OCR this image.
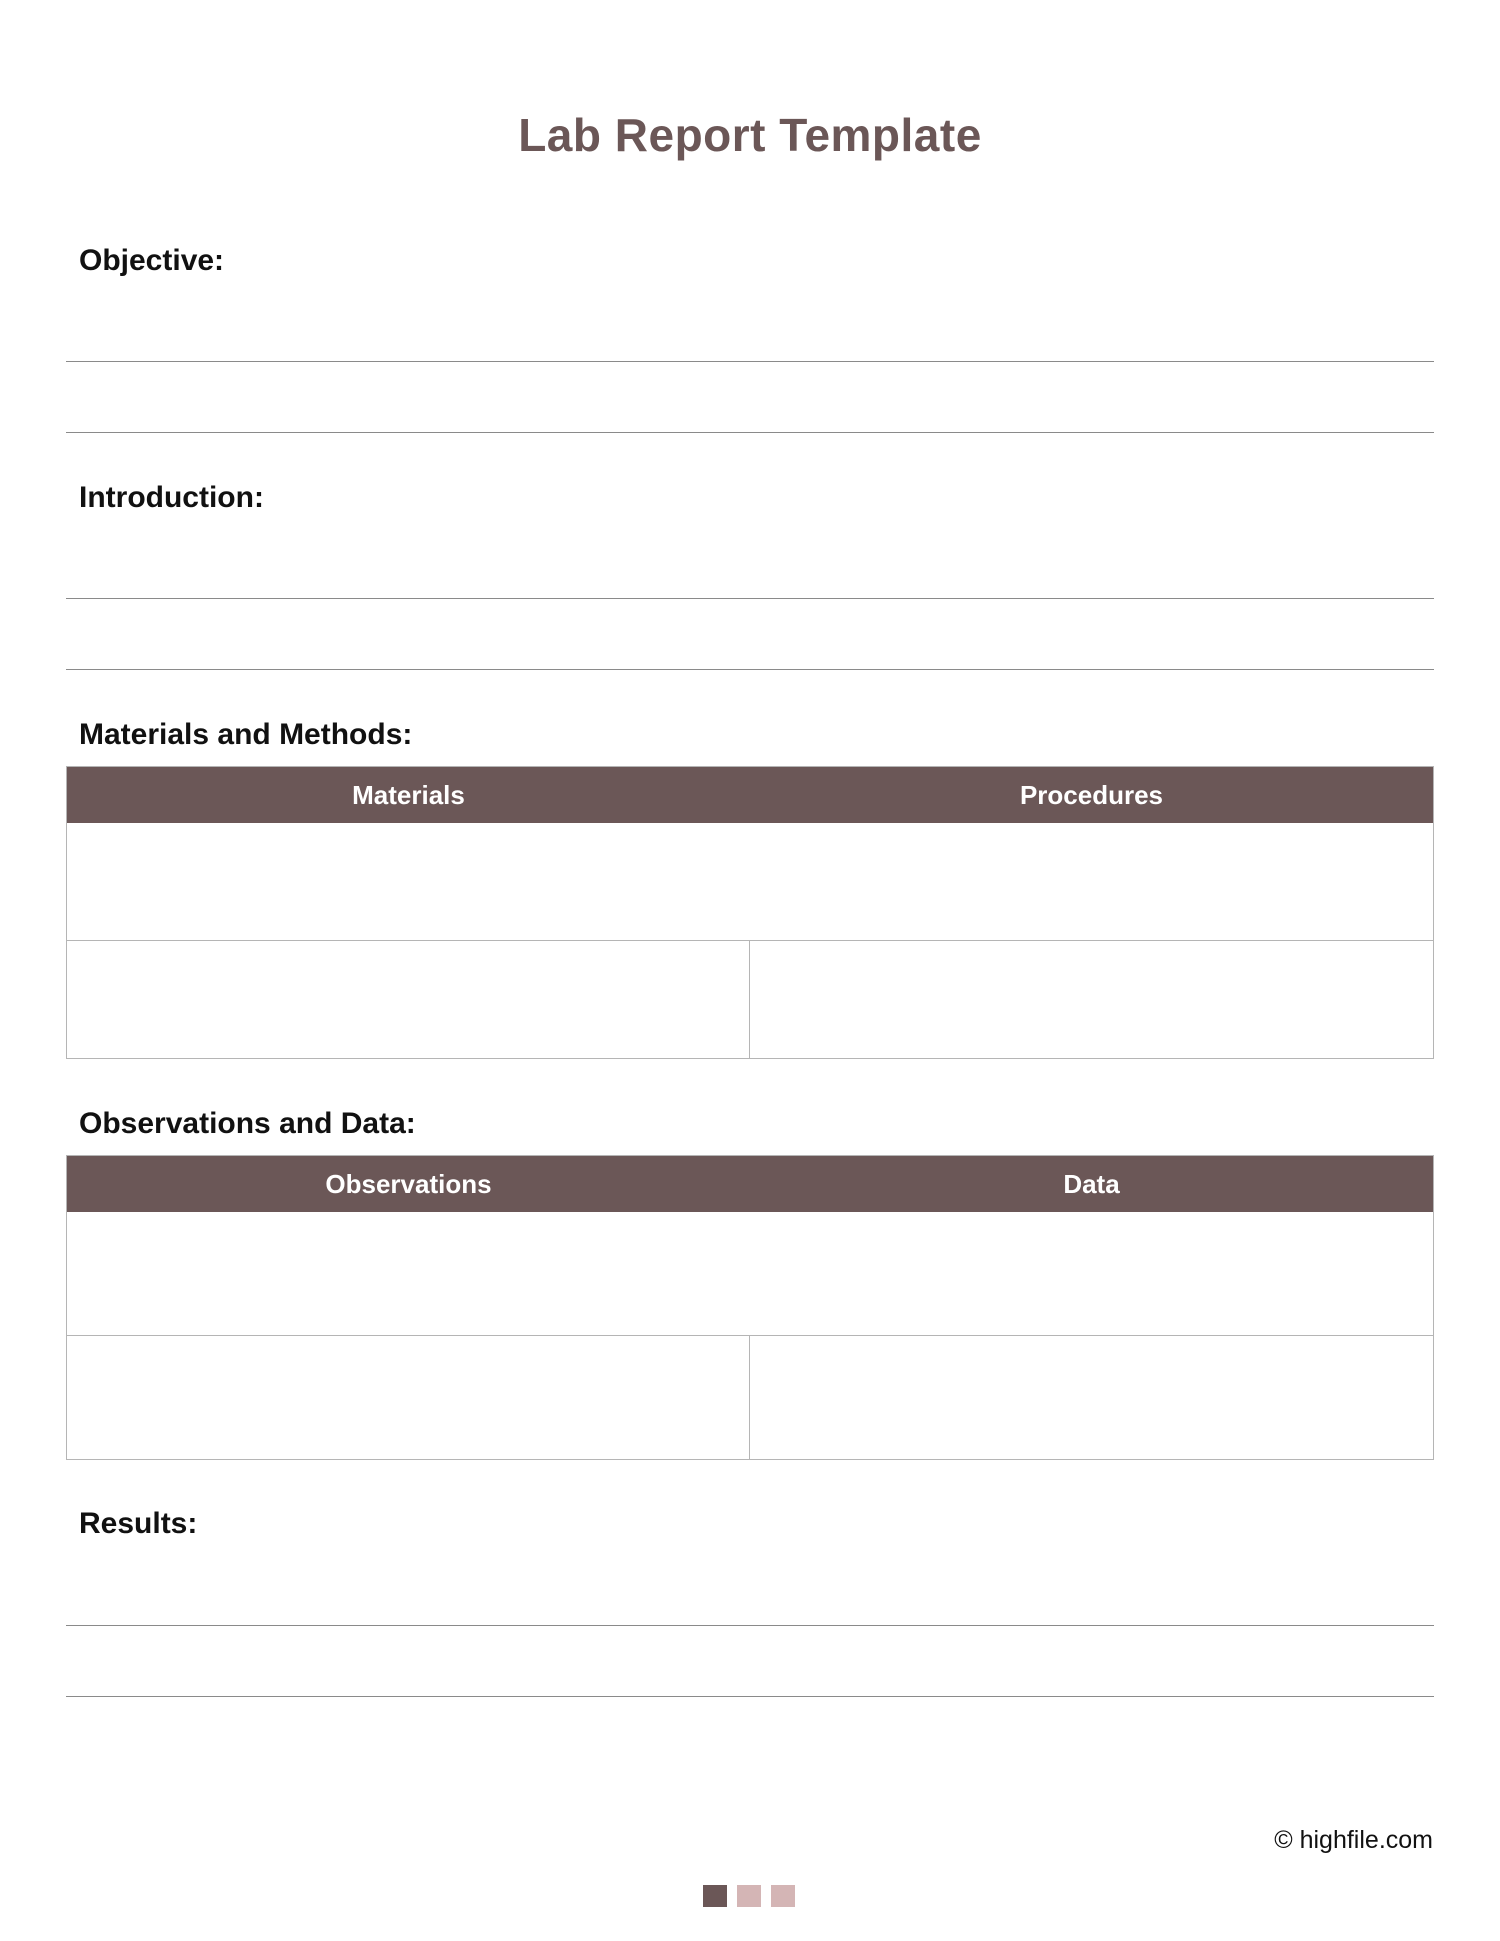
Lab Report Template
Objective:
Introduction:
Materials and Methods:
Materials	Procedures
Observations and Data:
Observations	Data
Results:
© highfile.com
